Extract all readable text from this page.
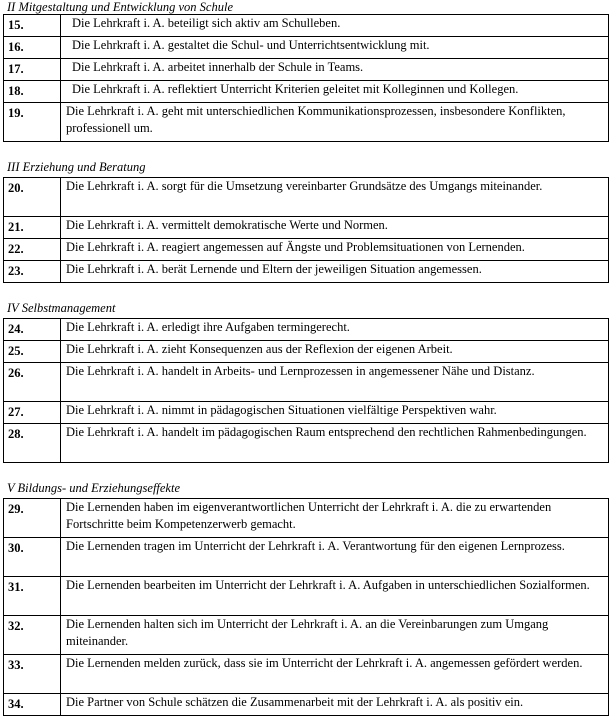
II Mitgestaltung und Entwicklung von Schule
15.	Die Lehrkraft i. A. beteiligt sich aktiv am Schulleben.
16.	Die Lehrkraft i. A. gestaltet die Schul- und Unterrichtsentwicklung mit.
17.	Die Lehrkraft i. A. arbeitet innerhalb der Schule in Teams.
18.	Die Lehrkraft i. A. reflektiert Unterricht Kriterien geleitet mit Kolleginnen und Kollegen.
19.	Die Lehrkraft i. A. geht mit unterschiedlichen Kommunikationsprozessen, insbesondere Konflikten, professionell um.
III Erziehung und Beratung
20.	Die Lehrkraft i. A. sorgt für die Umsetzung vereinbarter Grundsätze des Umgangs miteinander.
21.	Die Lehrkraft i. A. vermittelt demokratische Werte und Normen.
22.	Die Lehrkraft i. A. reagiert angemessen auf Ängste und Problemsituationen von Lernenden.
23.	Die Lehrkraft i. A. berät Lernende und Eltern der jeweiligen Situation angemessen.
IV Selbstmanagement
24.	Die Lehrkraft i. A. erledigt ihre Aufgaben termingerecht.
25.	Die Lehrkraft i. A. zieht Konsequenzen aus der Reflexion der eigenen Arbeit.
26.	Die Lehrkraft i. A. handelt in Arbeits- und Lernprozessen in angemessener Nähe und Distanz.
27.	Die Lehrkraft i. A. nimmt in pädagogischen Situationen vielfältige Perspektiven wahr.
28.	Die Lehrkraft i. A. handelt im pädagogischen Raum entsprechend den rechtlichen Rahmenbedingungen.
V Bildungs- und Erziehungseffekte
29.	Die Lernenden haben im eigenverantwortlichen Unterricht der Lehrkraft i. A. die zu erwartenden Fortschritte beim Kompetenzerwerb gemacht.
30.	Die Lernenden tragen im Unterricht der Lehrkraft i. A. Verantwortung für den eigenen Lernprozess.
31.	Die Lernenden bearbeiten im Unterricht der Lehrkraft i. A. Aufgaben in unterschiedlichen Sozialformen.
32.	Die Lernenden halten sich im Unterricht der Lehrkraft i. A. an die Vereinbarungen zum Umgang miteinander.
33.	Die Lernenden melden zurück, dass sie im Unterricht der Lehrkraft i. A. angemessen gefördert werden.
34.	Die Partner von Schule schätzen die Zusammenarbeit mit der Lehrkraft i. A. als positiv ein.
